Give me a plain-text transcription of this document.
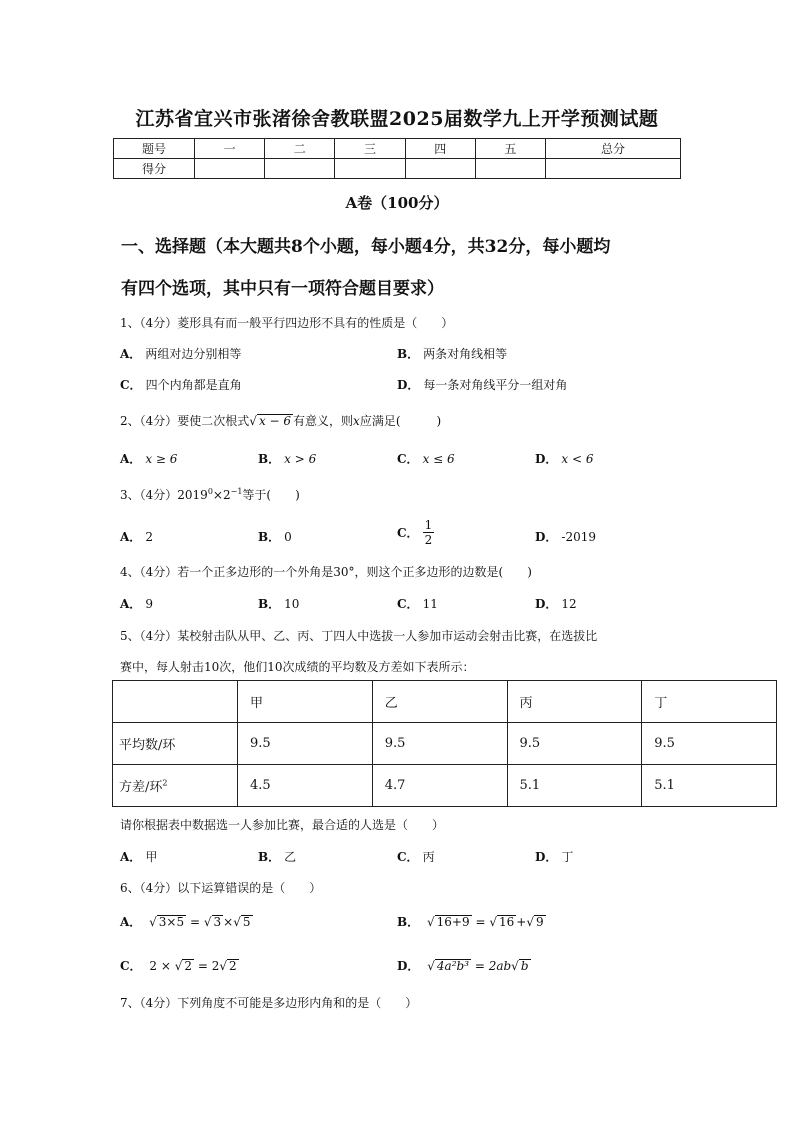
江苏省宜兴市张渚徐舍教联盟2025届数学九上开学预测试题
题号	一	二	三	四	五	总分
得分						
A卷（100分）
一、选择题（本大题共8个小题，每小题4分，共32分，每小题均
有四个选项，其中只有一项符合题目要求）
1、（4分）菱形具有而一般平行四边形不具有的性质是（　　）
A． 两组对边分别相等	B． 两条对角线相等
C． 四个内角都是直角	D． 每一条对角线平分一组对角
2、（4分）要使二次根式√ x − 6 有意义，则x应满足(　　　)
A． x ≥ 6	B． x > 6	C． x ≤ 6	D． x < 6
3、（4分）$2019^0\times 2^{-1}$等于(　　)
A． 2	B． 0	C． $\frac{1}{2}$	D． -2019
4、（4分）若一个正多边形的一个外角是30°，则这个正多边形的边数是(　　)
A． 9	B． 10	C． 11	D． 12
5、（4分）某校射击队从甲、乙、丙、丁四人中选拔一人参加市运动会射击比赛，在选拔比
赛中，每人射击10次，他们10次成绩的平均数及方差如下表所示：
	甲	乙	丙	丁
平均数/环	9.5	9.5	9.5	9.5
方差/环$^2$	4.5	4.7	5.1	5.1
请你根据表中数据选一人参加比赛，最合适的人选是（　　）
A． 甲	B． 乙	C． 丙	D． 丁
6、（4分）以下运算错误的是（　　）
A． √ 3×5 = √ 3 ×√ 5	B． √ 16+9 = √ 16 +√ 9
C． 2 × √ 2 = 2√ 2	D． √ 4a²b³ = 2ab√ b
7、（4分）下列角度不可能是多边形内角和的是（　　）
